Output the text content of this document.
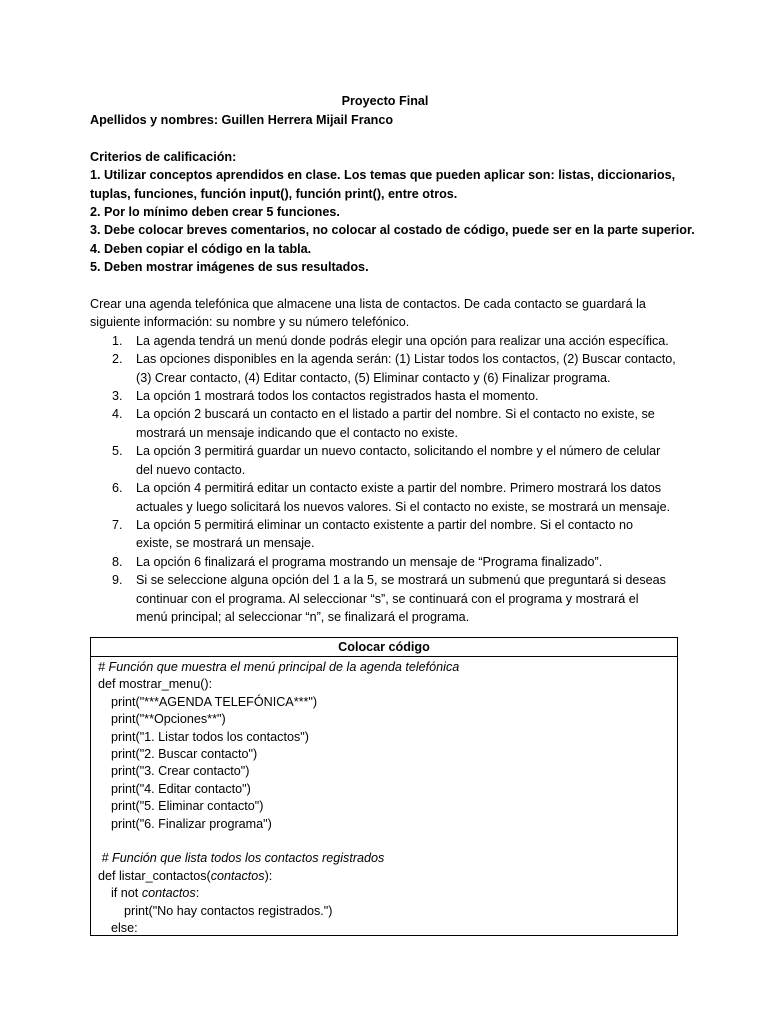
Proyecto Final
Apellidos y nombres: Guillen Herrera Mijail Franco
Criterios de calificación:
1. Utilizar conceptos aprendidos en clase. Los temas que pueden aplicar son: listas, diccionarios,
tuplas, funciones, función input(), función print(), entre otros.
2. Por lo mínimo deben crear 5 funciones.
3. Debe colocar breves comentarios, no colocar al costado de código, puede ser en la parte superior.
4. Deben copiar el código en la tabla.
5. Deben mostrar imágenes de sus resultados.
Crear una agenda telefónica que almacene una lista de contactos. De cada contacto se guardará la
siguiente información: su nombre y su número telefónico.
1.	La agenda tendrá un menú donde podrás elegir una opción para realizar una acción específica.
2.	Las opciones disponibles en la agenda serán: (1) Listar todos los contactos, (2) Buscar contacto,
(3) Crear contacto, (4) Editar contacto, (5) Eliminar contacto y (6) Finalizar programa.
3.	La opción 1 mostrará todos los contactos registrados hasta el momento.
4.	La opción 2 buscará un contacto en el listado a partir del nombre. Si el contacto no existe, se
mostrará un mensaje indicando que el contacto no existe.
5.	La opción 3 permitirá guardar un nuevo contacto, solicitando el nombre y el número de celular
del nuevo contacto.
6.	La opción 4 permitirá editar un contacto existe a partir del nombre. Primero mostrará los datos
actuales y luego solicitará los nuevos valores. Si el contacto no existe, se mostrará un mensaje.
7.	La opción 5 permitirá eliminar un contacto existente a partir del nombre. Si el contacto no
existe, se mostrará un mensaje.
8.	La opción 6 finalizará el programa mostrando un mensaje de “Programa finalizado”.
9.	Si se seleccione alguna opción del 1 a la 5, se mostrará un submenú que preguntará si deseas
continuar con el programa. Al seleccionar “s”, se continuará con el programa y mostrará el
menú principal; al seleccionar “n”, se finalizará el programa.
Colocar código
# Función que muestra el menú principal de la agenda telefónica
def mostrar_menu():
print("***AGENDA TELEFÓNICA***")
print("**Opciones**")
print("1. Listar todos los contactos")
print("2. Buscar contacto")
print("3. Crear contacto")
print("4. Editar contacto")
print("5. Eliminar contacto")
print("6. Finalizar programa")

# Función que lista todos los contactos registrados
def listar_contactos(contactos):
if not contactos:
print("No hay contactos registrados.")
else:
